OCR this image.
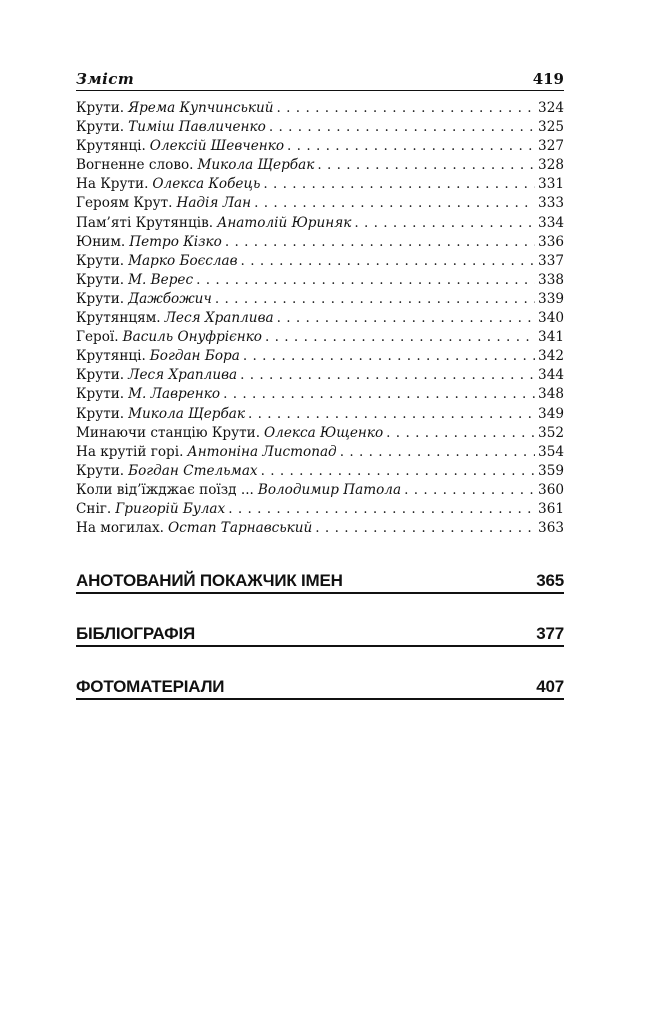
Зміст	419
Крути. Ярема Купчинський . . .	324
Крути. Тиміш Павличенко . . .	325
Крутянці. Олексій Шевченко . . .	327
Вогненне слово. Микола Щербак . . .	328
На Крути. Олекса Кобець . . .	331
Героям Крут. Надія Лан . . .	333
Пам’яті Крутянців. Анатолій Юриняк . . .	334
Юним. Петро Кізко . . .	336
Крути. Марко Боєслав . . .	337
Крути. М. Верес . . .	338
Крути. Дажбожич . . .	339
Крутянцям. Леся Храплива . . .	340
Герої. Василь Онуфрієнко . . .	341
Крутянці. Богдан Бора . . .	342
Крути. Леся Храплива . . .	344
Крути. М. Лавренко . . .	348
Крути. Микола Щербак . . .	349
Минаючи станцію Крути. Олекса Ющенко . . .	352
На крутій горі. Антоніна Листопад . . .	354
Крути. Богдан Стельмах . . .	359
Коли від’їжджає поїзд ... Володимир Патола . . .	360
Сніг. Григорій Булах . . .	361
На могилах. Остап Тарнавський . . .	363
АНОТОВАНИЙ ПОКАЖЧИК ІМЕН	365
БІБЛІОГРАФІЯ	377
ФОТОМАТЕРІАЛИ	407
